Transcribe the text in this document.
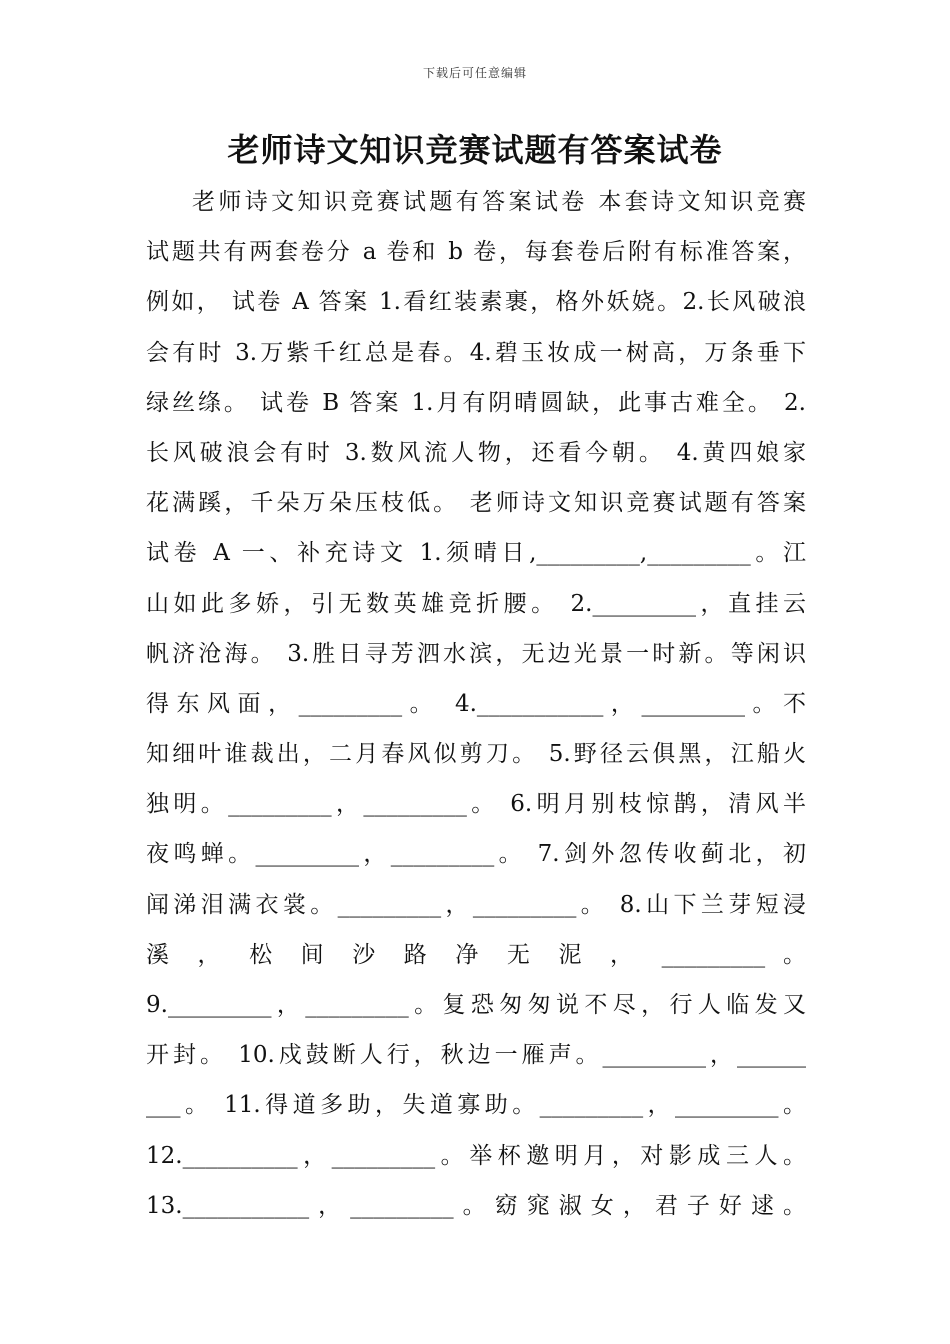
下载后可任意编辑
老师诗文知识竞赛试题有答案试卷
老师诗文知识竞赛试题有答案试卷 本套诗文知识竞赛
试题共有两套卷分 a 卷和 b 卷，每套卷后附有标准答案，
例如， 试卷 A 答案 1.看红装素裹，格外妖娆。2.长风破浪
会有时 3.万紫千红总是春。4.碧玉妆成一树高，万条垂下
绿丝绦。 试卷 B 答案 1.月有阴晴圆缺，此事古难全。 2.
长风破浪会有时 3.数风流人物，还看今朝。 4.黄四娘家
花满蹊，千朵万朵压枝低。 老师诗文知识竞赛试题有答案
试卷 A 一、补充诗文 1.须晴日,_________,_________。江
山如此多娇，引无数英雄竞折腰。 2._________，直挂云
帆济沧海。 3.胜日寻芳泗水滨，无边光景一时新。等闲识
得东风面，_________。 4.___________，_________。不
知细叶谁裁出，二月春风似剪刀。 5.野径云俱黑，江船火
独明。_________，_________。 6.明月别枝惊鹊，清风半
夜鸣蝉。_________，_________。 7.剑外忽传收蓟北，初
闻涕泪满衣裳。_________，_________。 8.山下兰芽短浸
溪 ， 松 间 沙 路 净 无 泥 ， _________ 。
9._________，_________。复恐匆匆说不尽，行人临发又
开封。 10.戍鼓断人行，秋边一雁声。_________，______
___。 11.得道多助，失道寡助。_________，_________。
12.__________，_________。举杯邀明月，对影成三人。
13.___________，_________。窈窕淑女，君子好逑。
